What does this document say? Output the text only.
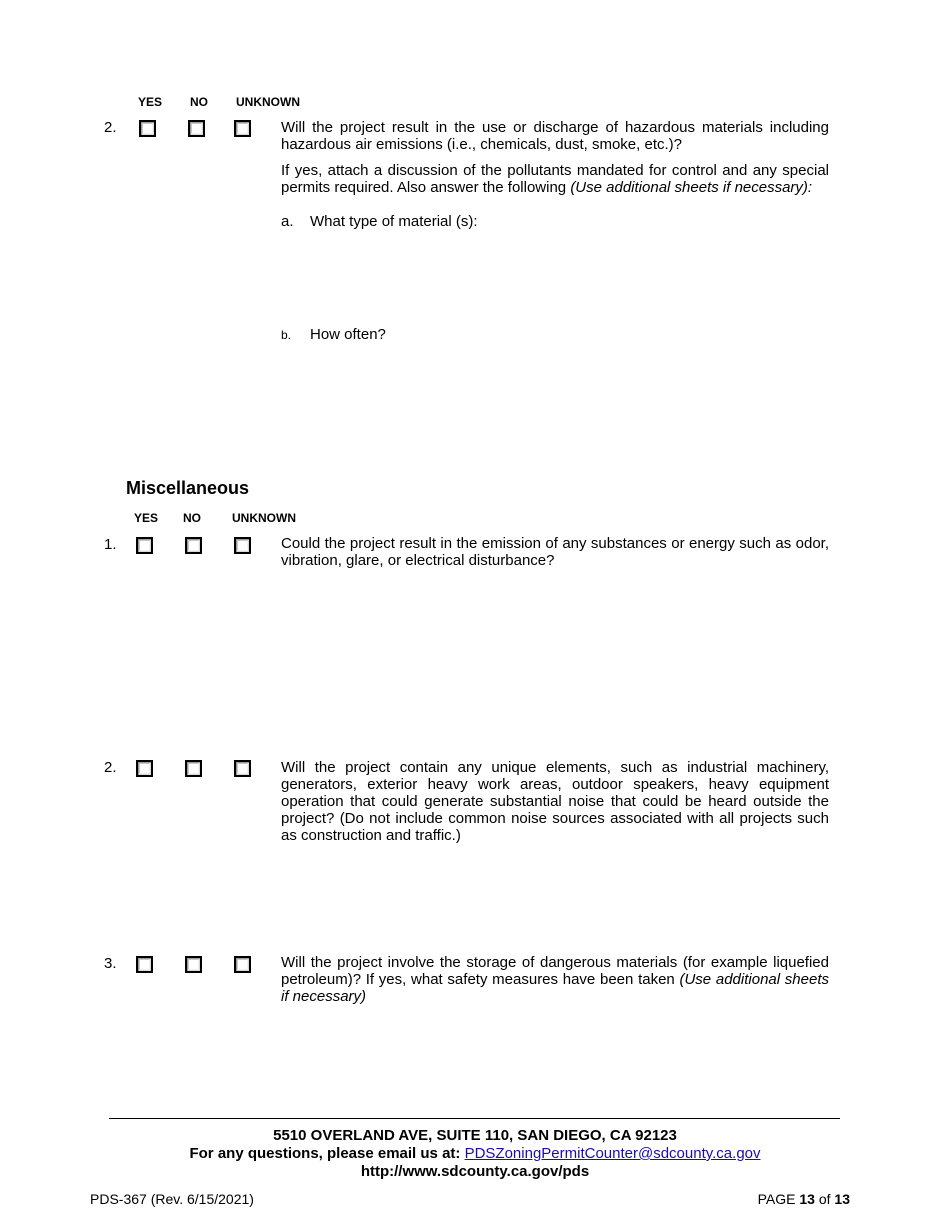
YES NO UNKNOWN
2.	Will the project result in the use or discharge of hazardous materials including hazardous air emissions (i.e., chemicals, dust, smoke, etc.)?

If yes, attach a discussion of the pollutants mandated for control and any special permits required. Also answer the following (Use additional sheets if necessary):

a. What type of material (s):
b. How often?
Miscellaneous
YES NO	UNKNOWN
1.	Could the project result in the emission of any substances or energy such as odor, vibration, glare, or electrical disturbance?

2.	Will the project contain any unique elements, such as industrial machinery, generators, exterior heavy work areas, outdoor speakers, heavy equipment operation that could generate substantial noise that could be heard outside the project? (Do not include common noise sources associated with all projects such as construction and traffic.)

3.	Will the project involve the storage of dangerous materials (for example liquefied petroleum)? If yes, what safety measures have been taken (Use additional sheets if necessary)

5510 OVERLAND AVE, SUITE 110, SAN DIEGO, CA 92123
For any questions, please email us at: PDSZoningPermitCounter@sdcounty.ca.gov
http://www.sdcounty.ca.gov/pds
PDS-367 (Rev. 6/15/2021)	PAGE 13 of 13
